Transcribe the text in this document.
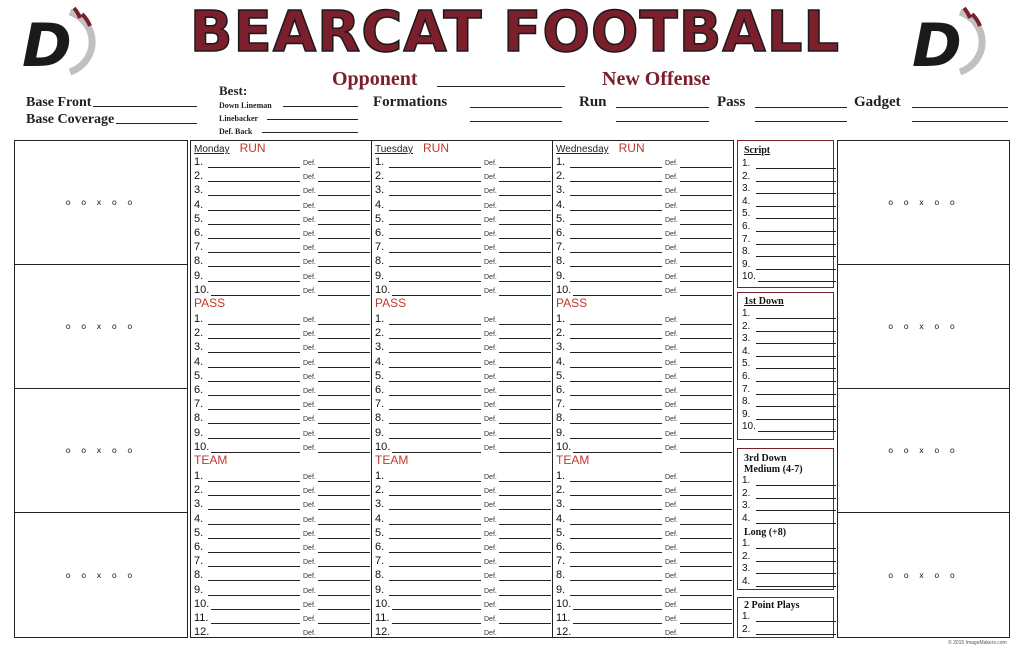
D	D
BEARCAT FOOTBALL
Opponent	New Offense
Base Front
Base Coverage
Best:
Down Lineman
Linebacker
Def. Back
Formations	Run	Pass	Gadget
o o x o o
o o x o o
o o x o o
o o x o o
o o x o o
o o x o o
o o x o o
o o x o o
Monday RUN
1.	Def.
2.	Def.
3.	Def.
4.	Def.
5.	Def.
6.	Def.
7.	Def.
8.	Def.
9.	Def.
10.	Def.
PASS
1.	Def.
2.	Def.
3.	Def.
4.	Def.
5.	Def.
6.	Def.
7.	Def.
8.	Def.
9.	Def.
10.	Def.
TEAM
1.	Def.
2.	Def.
3.	Def.
4.	Def.
5.	Def.
6.	Def.
7.	Def.
8.	Def.
9.	Def.
10.	Def.
11.	Def.
12.	Def.
Tuesday RUN
1.	Def.
2.	Def.
3.	Def.
4.	Def.
5.	Def.
6.	Def.
7.	Def.
8.	Def.
9.	Def.
10.	Def.
PASS
1.	Def.
2.	Def.
3.	Def.
4.	Def.
5.	Def.
6.	Def.
7.	Def.
8.	Def.
9.	Def.
10.	Def.
TEAM
1.	Def.
2.	Def.
3.	Def.
4.	Def.
5.	Def.
6.	Def.
7.	Def.
8.	Def.
9.	Def.
10.	Def.
11.	Def.
12.	Def.
Wednesday RUN
1.	Def.
2.	Def.
3.	Def.
4.	Def.
5.	Def.
6.	Def.
7.	Def.
8.	Def.
9.	Def.
10.	Def.
PASS
1.	Def.
2.	Def.
3.	Def.
4.	Def.
5.	Def.
6.	Def.
7.	Def.
8.	Def.
9.	Def.
10.	Def.
TEAM
1.	Def.
2.	Def.
3.	Def.
4.	Def.
5.	Def.
6.	Def.
7.	Def.
8.	Def.
9.	Def.
10.	Def.
11.	Def.
12.	Def.
Script
1.
2.
3.
4.
5.
6.
7.
8.
9.
10.
1st Down
1.
2.
3.
4.
5.
6.
7.
8.
9.
10.
3rd Down
Medium (4-7)
Long (+8)
1.
2.
3.
4.
1.
2.
3.
4.
2 Point Plays
1.
2.
© 2015 ImageMakers.com
